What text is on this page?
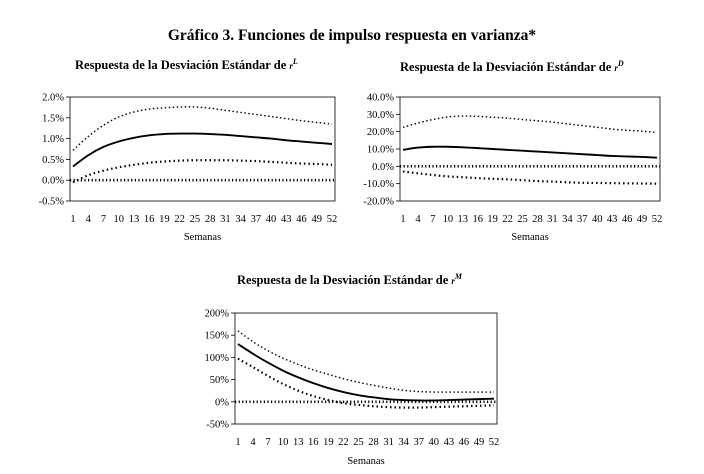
Gráfico 3. Funciones de impulso respuesta en varianza*
Respuesta de la Desviación Estándar de $r^L$	Respuesta de la Desviación Estándar de $r^D$
Respuesta de la Desviación Estándar de $r^M$
-0.5%
0.0%
0.5%
1.0%
1.5%
2.0%
1 4 7 10 13 16 19 22 25 28 31 34 37 40 43 46 49 52
Semanas
-20.0%
-10.0%
0.0%
10.0%
20.0%
30.0%
40.0%
1 4 7 10 13 16 19 22 25 28 31 34 37 40 43 46 49 52
Semanas
-50%
0%
50%
100%
150%
200%
1 4 7 10 13 16 19 22 25 28 31 34 37 40 43 46 49 52
Semanas
